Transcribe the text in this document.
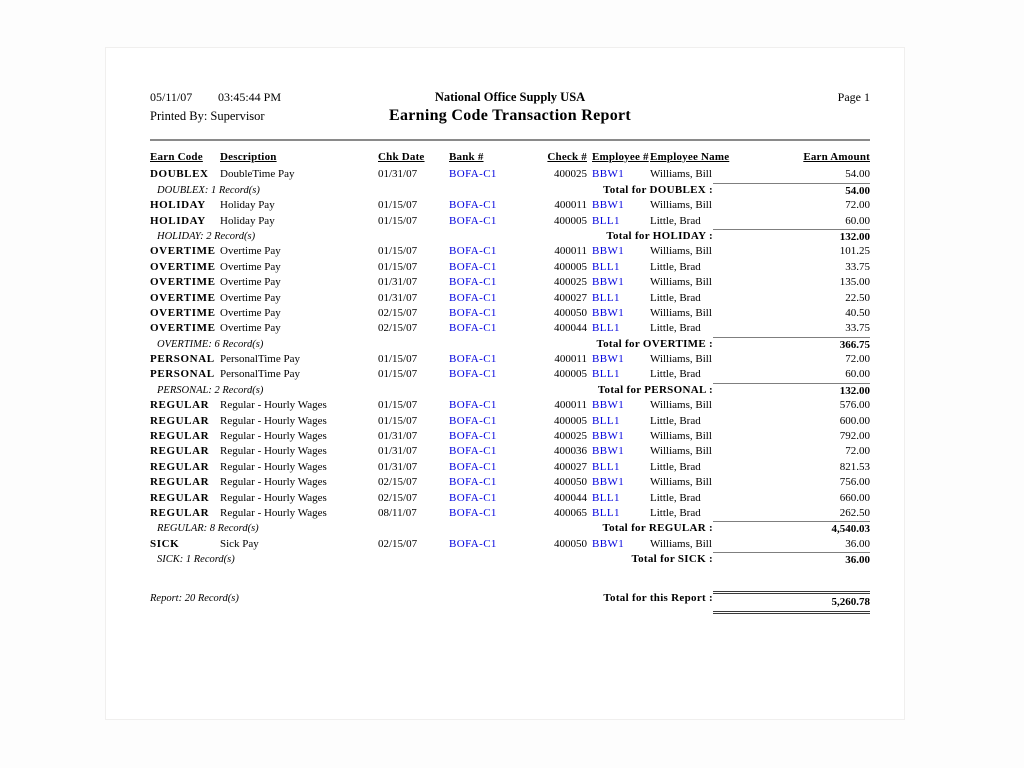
05/11/07 03:45:44 PM	National Office Supply USA	Page 1
Printed By: Supervisor	Earning Code Transaction Report
Earn Code	Description	Chk Date	Bank #	Check # Employee # Employee Name	Earn Amount
DOUBLEX	DoubleTime Pay	01/31/07	BOFA-C1	400025 BBW1	Williams, Bill	54.00
DOUBLEX: 1 Record(s)	Total for DOUBLEX :	54.00
HOLIDAY	Holiday Pay	01/15/07	BOFA-C1	400011 BBW1	Williams, Bill	72.00
HOLIDAY	Holiday Pay	01/15/07	BOFA-C1	400005 BLL1	Little, Brad	60.00
HOLIDAY: 2 Record(s)	Total for HOLIDAY :	132.00
OVERTIME Overtime Pay	01/15/07	BOFA-C1	400011 BBW1	Williams, Bill	101.25
OVERTIME Overtime Pay	01/15/07	BOFA-C1	400005 BLL1	Little, Brad	33.75
OVERTIME Overtime Pay	01/31/07	BOFA-C1	400025 BBW1	Williams, Bill	135.00
OVERTIME Overtime Pay	01/31/07	BOFA-C1	400027 BLL1	Little, Brad	22.50
OVERTIME Overtime Pay	02/15/07	BOFA-C1	400050 BBW1	Williams, Bill	40.50
OVERTIME Overtime Pay	02/15/07	BOFA-C1	400044 BLL1	Little, Brad	33.75
OVERTIME: 6 Record(s)	Total for OVERTIME :	366.75
PERSONAL PersonalTime Pay	01/15/07	BOFA-C1	400011 BBW1	Williams, Bill	72.00
PERSONAL PersonalTime Pay	01/15/07	BOFA-C1	400005 BLL1	Little, Brad	60.00
PERSONAL: 2 Record(s)	Total for PERSONAL :	132.00
REGULAR Regular - Hourly Wages	01/15/07	BOFA-C1	400011 BBW1	Williams, Bill	576.00
REGULAR Regular - Hourly Wages	01/15/07	BOFA-C1	400005 BLL1	Little, Brad	600.00
REGULAR Regular - Hourly Wages	01/31/07	BOFA-C1	400025 BBW1	Williams, Bill	792.00
REGULAR Regular - Hourly Wages	01/31/07	BOFA-C1	400036 BBW1	Williams, Bill	72.00
REGULAR Regular - Hourly Wages	01/31/07	BOFA-C1	400027 BLL1	Little, Brad	821.53
REGULAR Regular - Hourly Wages	02/15/07	BOFA-C1	400050 BBW1	Williams, Bill	756.00
REGULAR Regular - Hourly Wages	02/15/07	BOFA-C1	400044 BLL1	Little, Brad	660.00
REGULAR Regular - Hourly Wages	08/11/07	BOFA-C1	400065 BLL1	Little, Brad	262.50
REGULAR: 8 Record(s)	Total for REGULAR :	4,540.03
SICK	Sick Pay	02/15/07	BOFA-C1	400050 BBW1	Williams, Bill	36.00
SICK: 1 Record(s)	Total for SICK :	36.00
Report: 20 Record(s)	Total for this Report :	5,260.78
